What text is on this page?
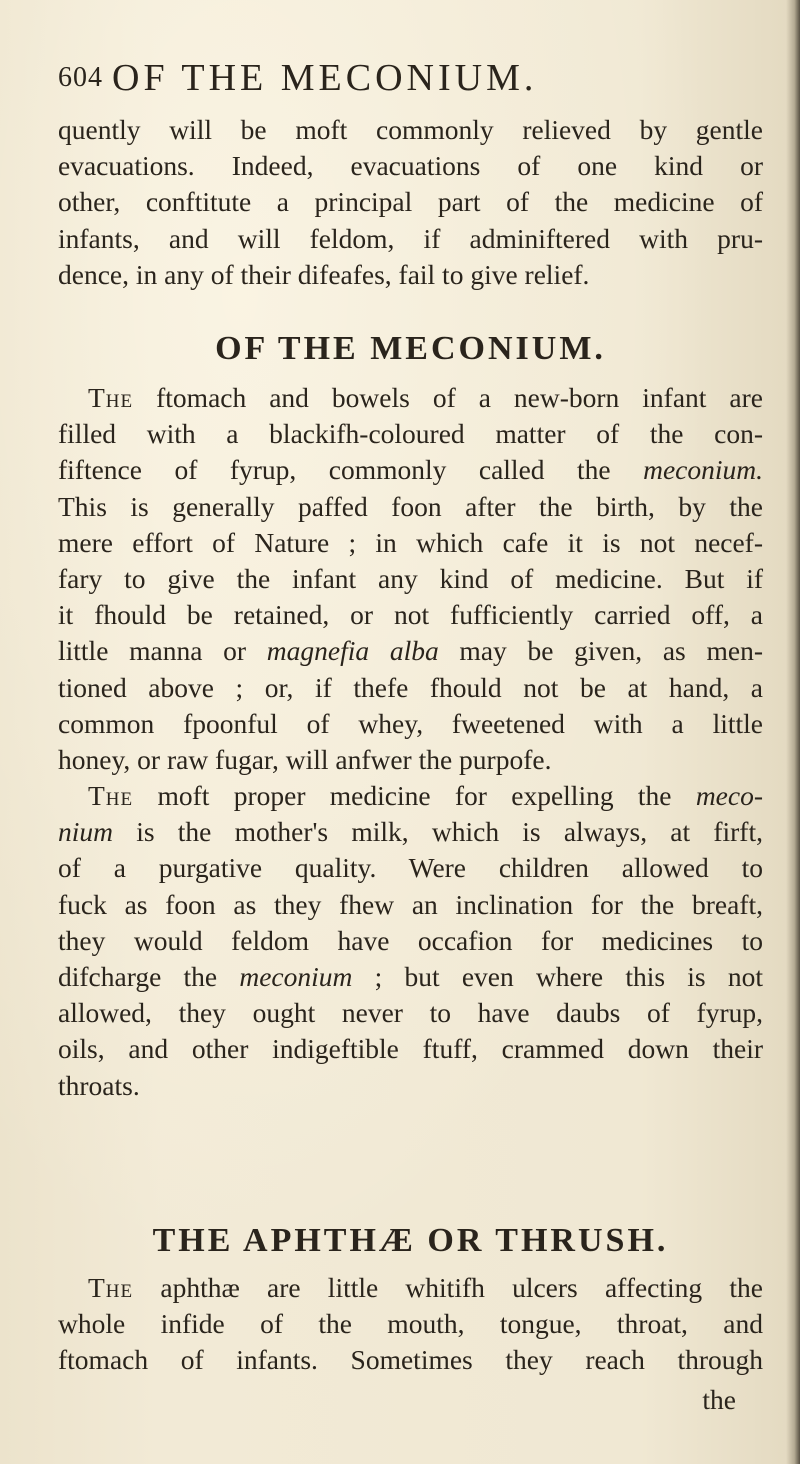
604 OF THE MECONIUM.
quently will be moft commonly relieved by gentle
evacuations. Indeed, evacuations of one kind or
other, conftitute a principal part of the medicine of
infants, and will feldom, if adminiftered with pru-
dence, in any of their difeafes, fail to give relief.
OF THE MECONIUM.
The ftomach and bowels of a new-born infant are
filled with a blackifh-coloured matter of the con-
fiftence of fyrup, commonly called the meconium.
This is generally paffed foon after the birth, by the
mere effort of Nature ; in which cafe it is not necef-
fary to give the infant any kind of medicine. But if
it fhould be retained, or not fufficiently carried off, a
little manna or magnefia alba may be given, as men-
tioned above ; or, if thefe fhould not be at hand, a
common fpoonful of whey, fweetened with a little
honey, or raw fugar, will anfwer the purpofe.
The moft proper medicine for expelling the meco-
nium is the mother's milk, which is always, at firft,
of a purgative quality. Were children allowed to
fuck as foon as they fhew an inclination for the breaft,
they would feldom have occafion for medicines to
difcharge the meconium ; but even where this is not
allowed, they ought never to have daubs of fyrup,
oils, and other indigeftible ftuff, crammed down their
throats.
THE APHTHÆ OR THRUSH.
The aphthæ are little whitifh ulcers affecting the
whole infide of the mouth, tongue, throat, and
ftomach of infants. Sometimes they reach through
the
